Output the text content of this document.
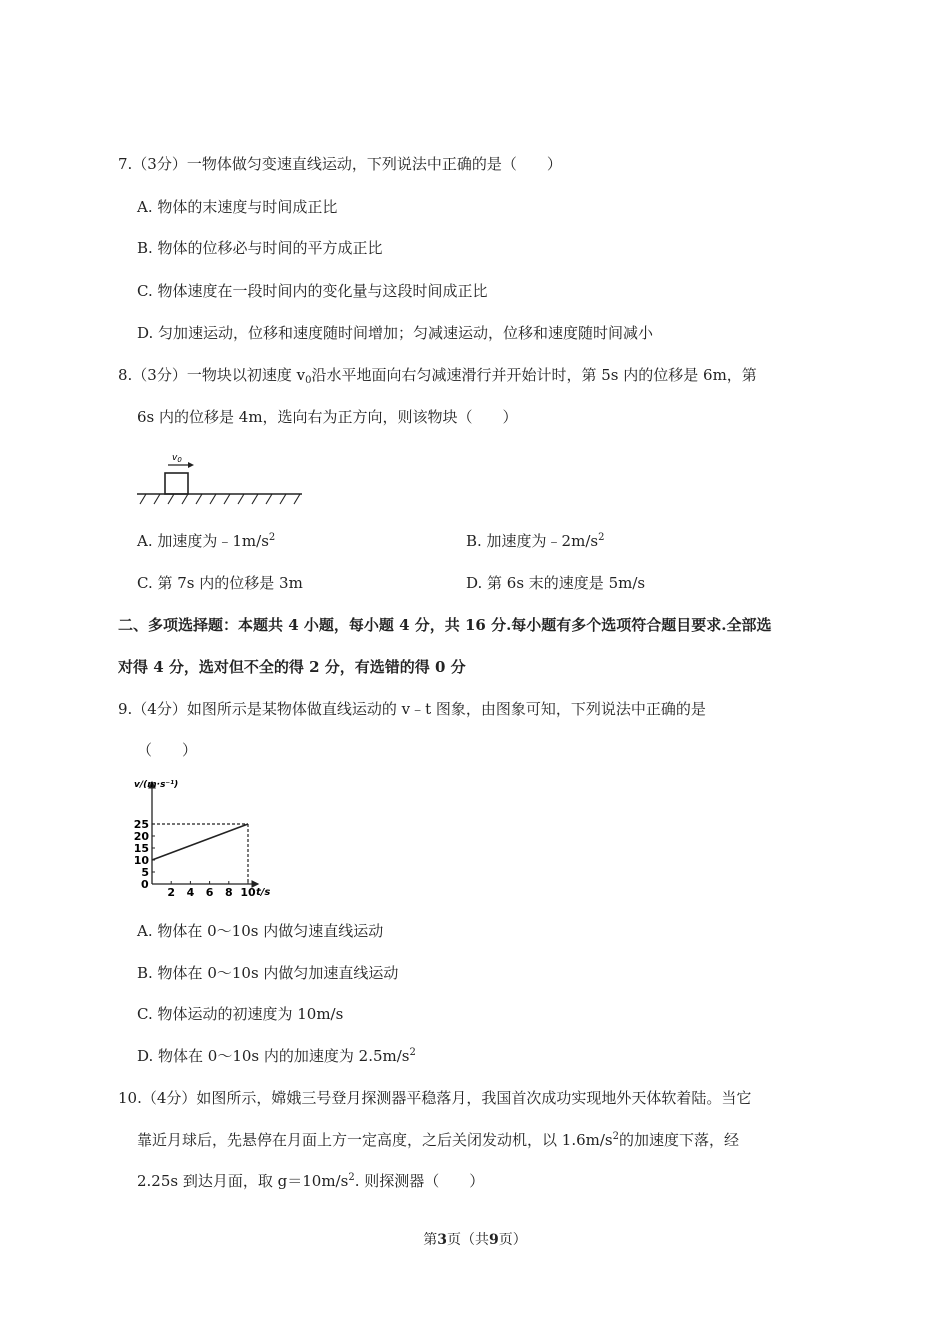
7.（3分）一物体做匀变速直线运动，下列说法中正确的是（　　）
A. 物体的末速度与时间成正比
B. 物体的位移必与时间的平方成正比
C. 物体速度在一段时间内的变化量与这段时间成正比
D. 匀加速运动，位移和速度随时间增加；匀减速运动，位移和速度随时间减小
8.（3分）一物块以初速度 $v_0$沿水平地面向右匀减速滑行并开始计时，第 5s 内的位移是 6m，第
6s 内的位移是 4m，选向右为正方向，则该物块（　　）
$v_0$
A. 加速度为$﹣1m/s^2$	B. 加速度为$﹣2m/s^2$
C. 第 7s 内的位移是 3m	D. 第 6s 末的速度是 5m/s
二、多项选择题：本题共 4 小题，每小题 4 分，共 16 分.每小题有多个选项符合题目要求.全部选
对得 4 分，选对但不全的得 2 分，有选错的得 0 分
9.（4分）如图所示是某物体做直线运动的 v﹣t 图象，由图象可知，下列说法中正确的是
（　　）
v/(m·s⁻¹)
t/s
0
5
10
15
20
25
2 4 6 8 10
A. 物体在 0～10s 内做匀速直线运动
B. 物体在 0～10s 内做匀加速直线运动
C. 物体运动的初速度为 10m/s
D. 物体在 0～10s 内的加速度为 $2.5m/s^2$
10.（4分）如图所示，嫦娥三号登月探测器平稳落月，我国首次成功实现地外天体软着陆。当它
靠近月球后，先悬停在月面上方一定高度，之后关闭发动机，以 $1.6m/s^2$的加速度下落，经
2.25s 到达月面，取 $g=10m/s^2$. 则探测器（　　）
第3页（共9页）
